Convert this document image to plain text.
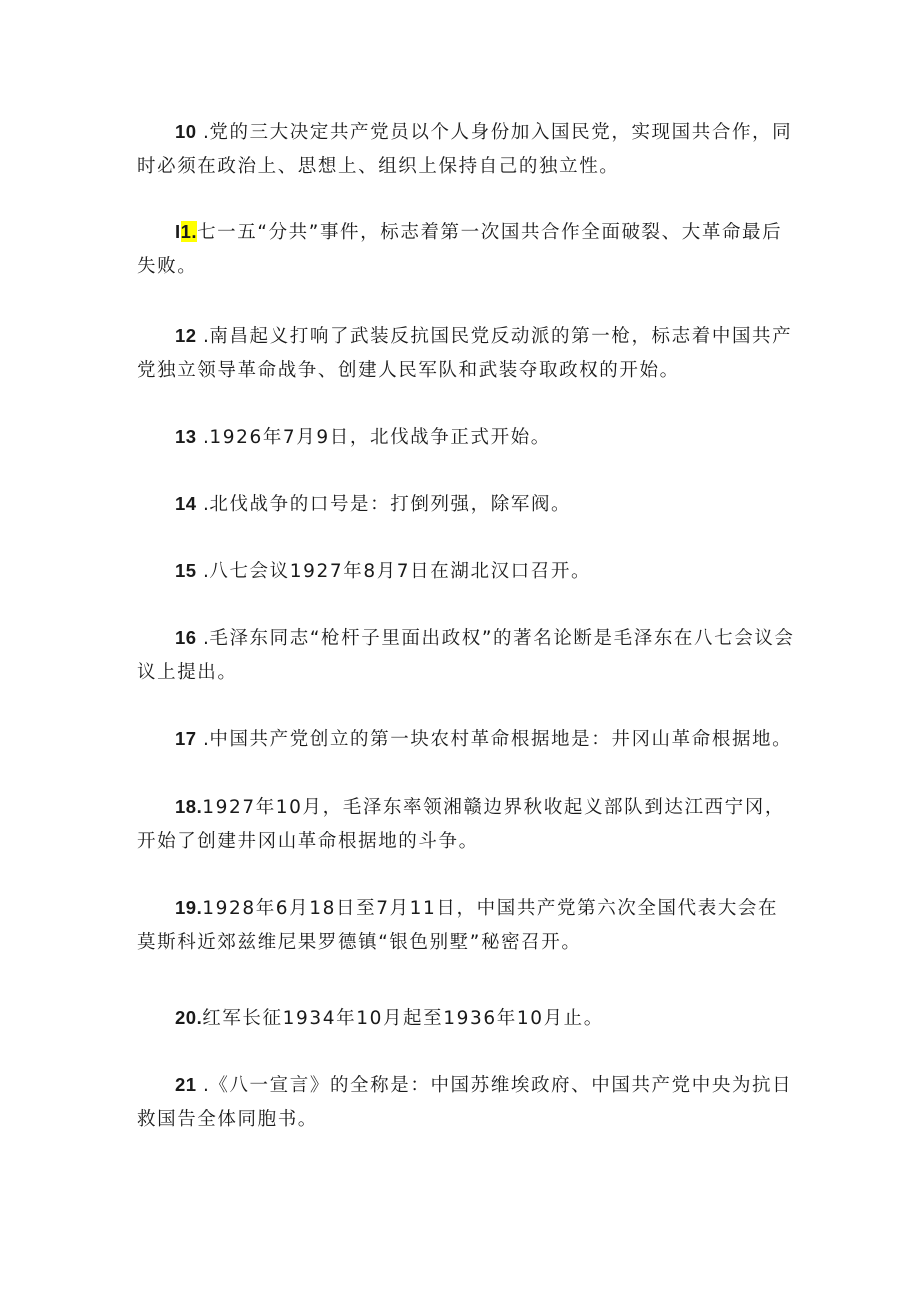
10 .党的三大决定共产党员以个人身份加入国民党，实现国共合作，同时必须在政治上、思想上、组织上保持自己的独立性。

I1.七一五“分共”事件，标志着第一次国共合作全面破裂、大革命最后失败。

12 .南昌起义打响了武装反抗国民党反动派的第一枪，标志着中国共产党独立领导革命战争、创建人民军队和武装夺取政权的开始。

13 .1926年7月9日，北伐战争正式开始。

14 .北伐战争的口号是：打倒列强，除军阀。

15 .八七会议1927年8月7日在湖北汉口召开。

16 .毛泽东同志“枪杆子里面出政权”的著名论断是毛泽东在八七会议会议上提出。

17 .中国共产党创立的第一块农村革命根据地是：井冈山革命根据地。

18.1927年10月，毛泽东率领湘赣边界秋收起义部队到达江西宁冈，开始了创建井冈山革命根据地的斗争。

19.1928年6月18日至7月11日，中国共产党第六次全国代表大会在莫斯科近郊兹维尼果罗德镇“银色别墅”秘密召开。

20.红军长征1934年10月起至1936年10月止。

21 .《八一宣言》的全称是：中国苏维埃政府、中国共产党中央为抗日救国告全体同胞书。
